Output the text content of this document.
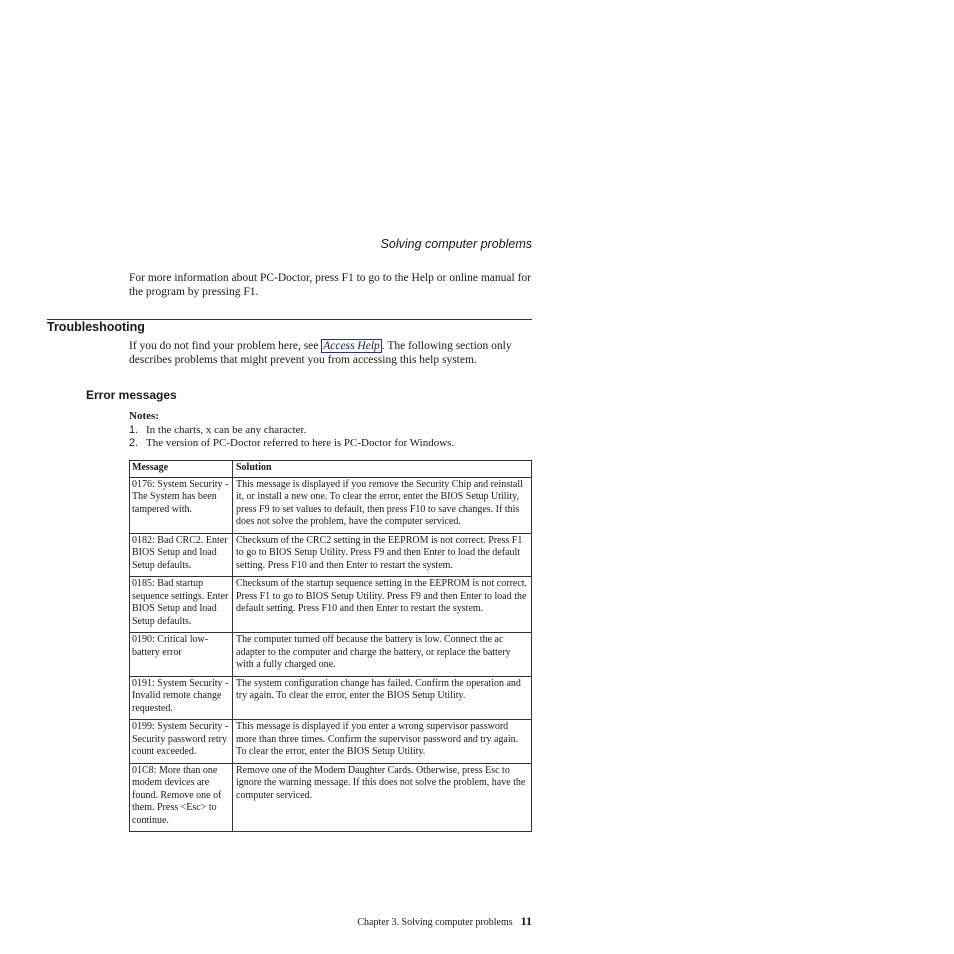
Solving computer problems
For more information about PC-Doctor, press F1 to go to the Help or online manual for the program by pressing F1.
Troubleshooting
If you do not find your problem here, see Access Help . The following section only describes problems that might prevent you from accessing this help system.
Error messages
Notes:
1. In the charts, x can be any character.
2. The version of PC-Doctor referred to here is PC-Doctor for Windows.
Message	Solution
0176: System Security - The System has been tampered with.	This message is displayed if you remove the Security Chip and reinstall it, or install a new one. To clear the error, enter the BIOS Setup Utility, press F9 to set values to default, then press F10 to save changes. If this does not solve the problem, have the computer serviced.
0182: Bad CRC2. Enter BIOS Setup and load Setup defaults.	Checksum of the CRC2 setting in the EEPROM is not correct. Press F1 to go to BIOS Setup Utility. Press F9 and then Enter to load the default setting. Press F10 and then Enter to restart the system.
0185: Bad startup sequence settings. Enter BIOS Setup and load Setup defaults.	Checksum of the startup sequence setting in the EEPROM is not correct. Press F1 to go to BIOS Setup Utility. Press F9 and then Enter to load the default setting. Press F10 and then Enter to restart the system.
0190: Critical low-battery error	The computer turned off because the battery is low. Connect the ac adapter to the computer and charge the battery, or replace the battery with a fully charged one.
0191: System Security - Invalid remote change requested.	The system configuration change has failed. Confirm the operation and try again. To clear the error, enter the BIOS Setup Utility.
0199: System Security - Security password retry count exceeded.	This message is displayed if you enter a wrong supervisor password more than three times. Confirm the supervisor password and try again. To clear the error, enter the BIOS Setup Utility.
01C8: More than one modem devices are found. Remove one of them. Press <Esc> to continue.	Remove one of the Modem Daughter Cards. Otherwise, press Esc to ignore the warning message. If this does not solve the problem, have the computer serviced.
Chapter 3. Solving computer problems 11
